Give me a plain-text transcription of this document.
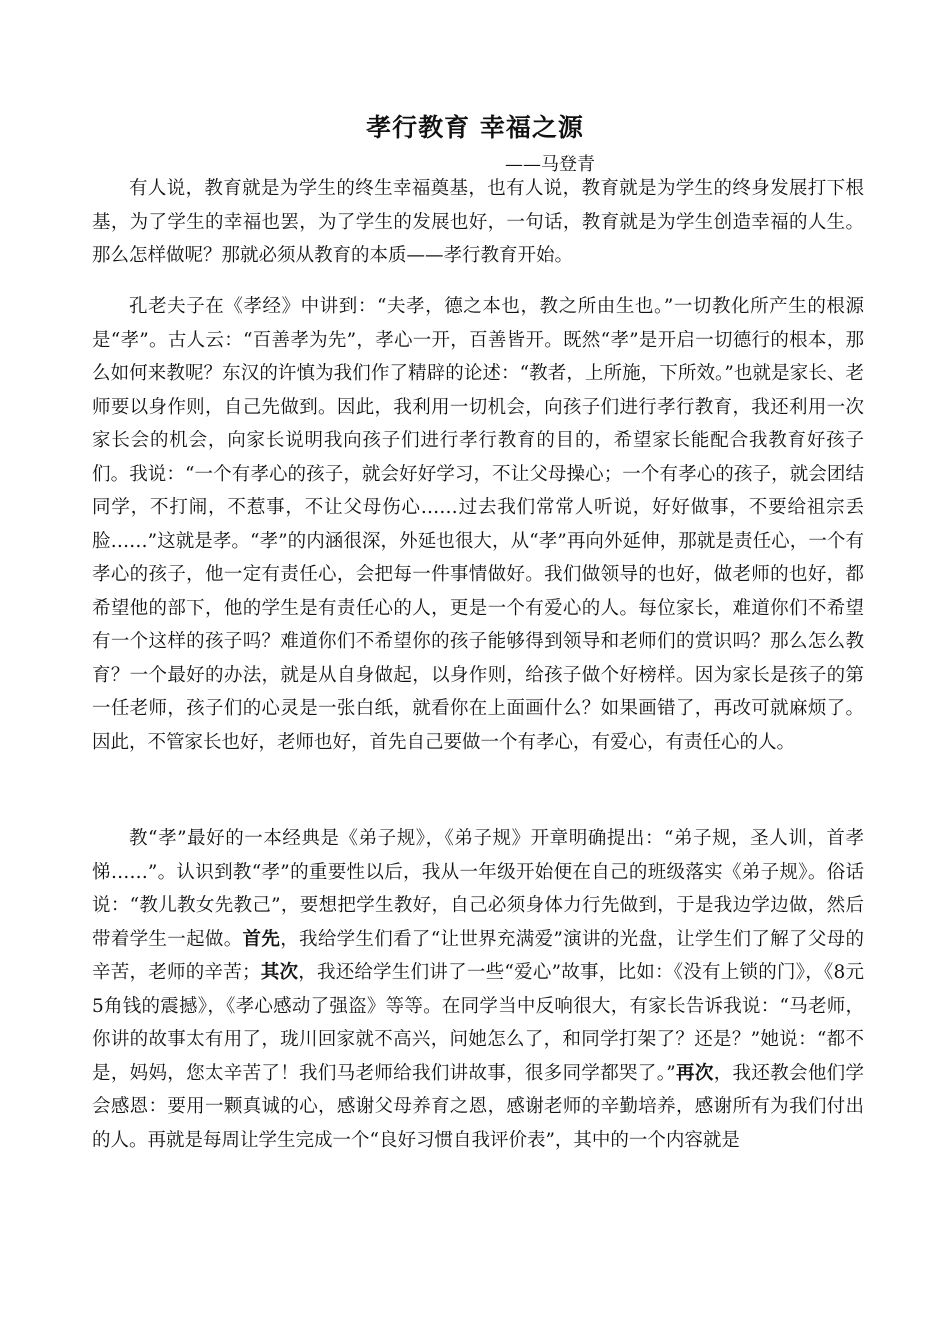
孝行教育 幸福之源
——马登青

有人说，教育就是为学生的终生幸福奠基，也有人说，教育就是为学生的终身发展打下根基，为了学生的幸福也罢，为了学生的发展也好，一句话，教育就是为学生创造幸福的人生。那么怎样做呢？那就必须从教育的本质——孝行教育开始。

孔老夫子在《孝经》中讲到：“夫孝，德之本也，教之所由生也。”一切教化所产生的根源是“孝”。古人云：“百善孝为先”，孝心一开，百善皆开。既然“孝”是开启一切德行的根本，那么如何来教呢？东汉的许慎为我们作了精辟的论述：“教者，上所施，下所效。”也就是家长、老师要以身作则，自己先做到。因此，我利用一切机会，向孩子们进行孝行教育，我还利用一次家长会的机会，向家长说明我向孩子们进行孝行教育的目的，希望家长能配合我教育好孩子们。我说：“一个有孝心的孩子，就会好好学习，不让父母操心；一个有孝心的孩子，就会团结同学，不打闹，不惹事，不让父母伤心……过去我们常常人听说，好好做事，不要给祖宗丢脸……”这就是孝。“孝”的内涵很深，外延也很大，从“孝”再向外延伸，那就是责任心，一个有孝心的孩子，他一定有责任心，会把每一件事情做好。我们做领导的也好，做老师的也好，都希望他的部下，他的学生是有责任心的人，更是一个有爱心的人。每位家长，难道你们不希望有一个这样的孩子吗？难道你们不希望你的孩子能够得到领导和老师们的赏识吗？那么怎么教育？一个最好的办法，就是从自身做起，以身作则，给孩子做个好榜样。因为家长是孩子的第一任老师，孩子们的心灵是一张白纸，就看你在上面画什么？如果画错了，再改可就麻烦了。因此，不管家长也好，老师也好，首先自己要做一个有孝心，有爱心，有责任心的人。

教“孝”最好的一本经典是《弟子规》，《弟子规》开章明确提出：“弟子规，圣人训，首孝悌……”。认识到教“孝”的重要性以后，我从一年级开始便在自己的班级落实《弟子规》。俗话说：“教儿教女先教己”，要想把学生教好，自己必须身体力行先做到，于是我边学边做，然后带着学生一起做。首先，我给学生们看了“让世界充满爱”演讲的光盘，让学生们了解了父母的辛苦，老师的辛苦；其次，我还给学生们讲了一些“爱心”故事，比如：《没有上锁的门》，《8元5角钱的震撼》，《孝心感动了强盗》等等。在同学当中反响很大，有家长告诉我说：“马老师，你讲的故事太有用了，珑川回家就不高兴，问她怎么了，和同学打架了？还是？”她说：“都不是，妈妈，您太辛苦了！我们马老师给我们讲故事，很多同学都哭了。”再次，我还教会他们学会感恩：要用一颗真诚的心，感谢父母养育之恩，感谢老师的辛勤培养，感谢所有为我们付出的人。再就是每周让学生完成一个“良好习惯自我评价表”，其中的一个内容就是
